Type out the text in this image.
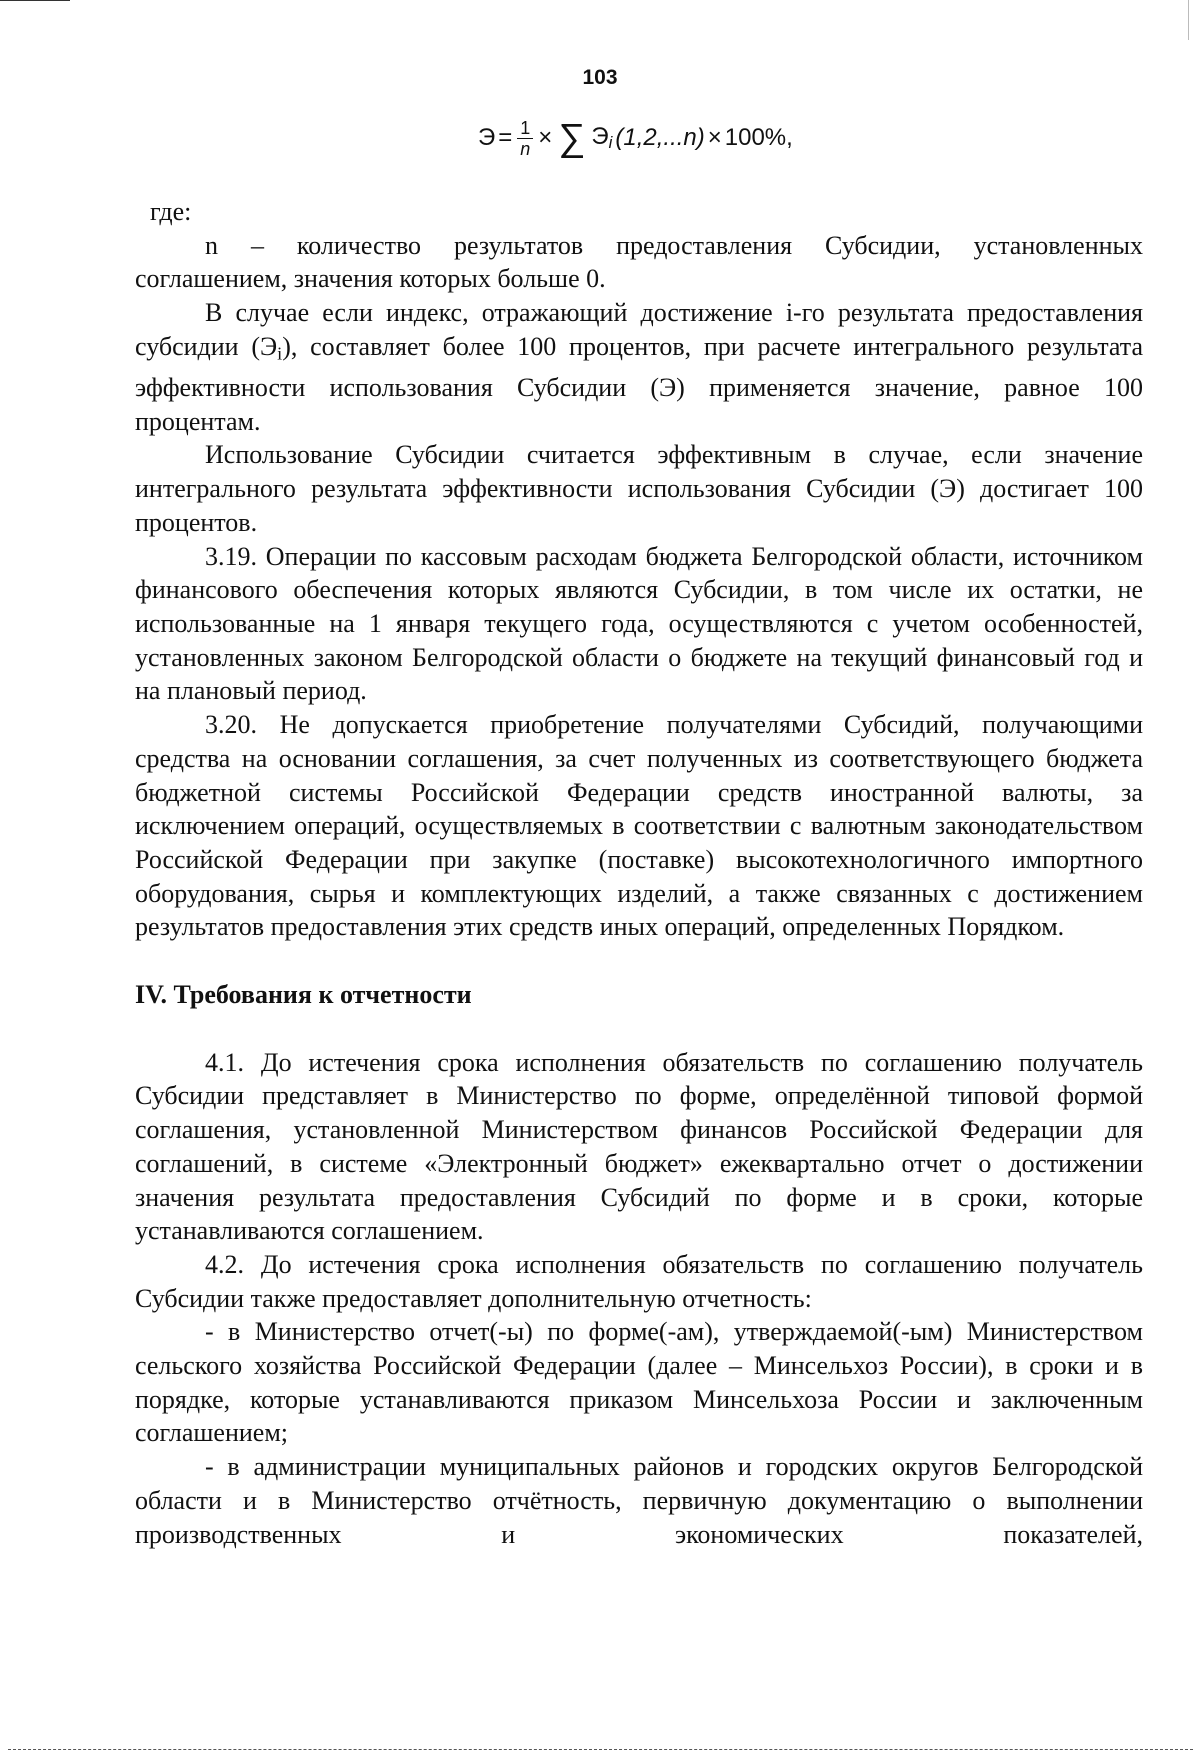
103
$Э = \frac{1}{n}$ × ∑ $Э_i$ (1,2,...n) × 100%,

где:

n – количество результатов предоставления Субсидии, установленных соглашением, значения которых больше 0.

В случае если индекс, отражающий достижение i-го результата предоставления субсидии $(Э_i)$, составляет более 100 процентов, при расчете интегрального результата эффективности использования Субсидии (Э) применяется значение, равное 100 процентам.

Использование Субсидии считается эффективным в случае, если значение интегрального результата эффективности использования Субсидии (Э) достигает 100 процентов.

3.19. Операции по кассовым расходам бюджета Белгородской области, источником финансового обеспечения которых являются Субсидии, в том числе их остатки, не использованные на 1 января текущего года, осуществляются с учетом особенностей, установленных законом Белгородской области о бюджете на текущий финансовый год и на плановый период.

3.20. Не допускается приобретение получателями Субсидий, получающими средства на основании соглашения, за счет полученных из соответствующего бюджета бюджетной системы Российской Федерации средств иностранной валюты, за исключением операций, осуществляемых в соответствии с валютным законодательством Российской Федерации при закупке (поставке) высокотехнологичного импортного оборудования, сырья и комплектующих изделий, а также связанных с достижением результатов предоставления этих средств иных операций, определенных Порядком.

IV. Требования к отчетности

4.1. До истечения срока исполнения обязательств по соглашению получатель Субсидии представляет в Министерство по форме, определённой типовой формой соглашения, установленной Министерством финансов Российской Федерации для соглашений, в системе «Электронный бюджет» ежеквартально отчет о достижении значения результата предоставления Субсидий по форме и в сроки, которые устанавливаются соглашением.

4.2. До истечения срока исполнения обязательств по соглашению получатель Субсидии также предоставляет дополнительную отчетность:

- в Министерство отчет(-ы) по форме(-ам), утверждаемой(-ым) Министерством сельского хозяйства Российской Федерации (далее – Минсельхоз России), в сроки и в порядке, которые устанавливаются приказом Минсельхоза России и заключенным соглашением;

- в администрации муниципальных районов и городских округов Белгородской области и в Министерство отчётность, первичную документацию о выполнении производственных и экономических показателей,
